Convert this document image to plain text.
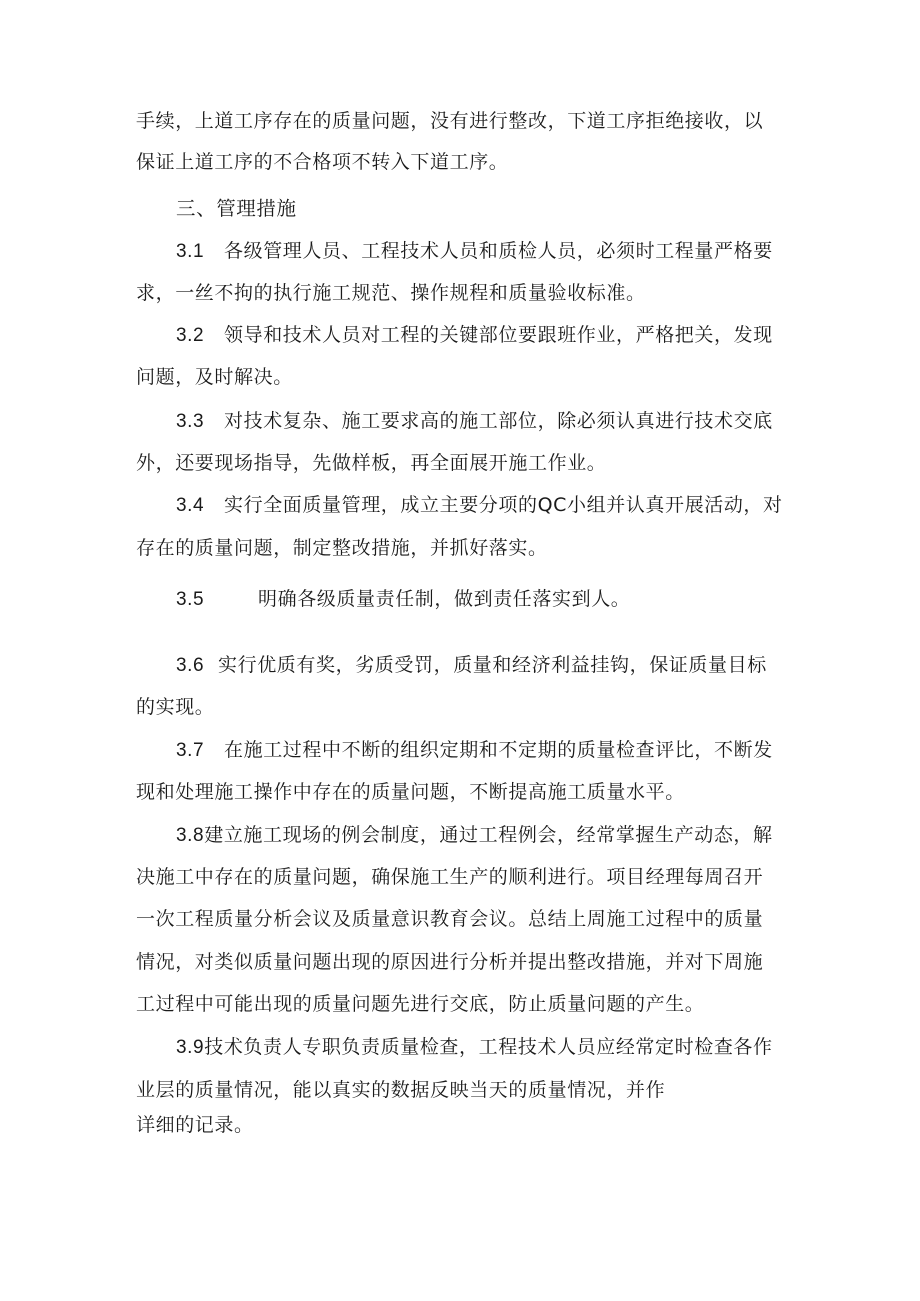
手续，上道工序存在的质量问题，没有进行整改，下道工序拒绝接收，以
保证上道工序的不合格项不转入下道工序。
三、管理措施
3.1 各级管理人员、工程技术人员和质检人员，必须时工程量严格要
求，一丝不拘的执行施工规范、操作规程和质量验收标准。
3.2 领导和技术人员对工程的关键部位要跟班作业，严格把关，发现
问题，及时解决。
3.3 对技术复杂、施工要求高的施工部位，除必须认真进行技术交底
外，还要现场指导，先做样板，再全面展开施工作业。
3.4 实行全面质量管理，成立主要分项的QC小组并认真开展活动，对
存在的质量问题，制定整改措施，并抓好落实。
3.5	明确各级质量责任制，做到责任落实到人。
3.6 实行优质有奖，劣质受罚，质量和经济利益挂钩，保证质量目标
的实现。
3.7 在施工过程中不断的组织定期和不定期的质量检查评比，不断发
现和处理施工操作中存在的质量问题，不断提高施工质量水平。
3.8建立施工现场的例会制度，通过工程例会，经常掌握生产动态，解
决施工中存在的质量问题，确保施工生产的顺利进行。项目经理每周召开
一次工程质量分析会议及质量意识教育会议。总结上周施工过程中的质量
情况，对类似质量问题出现的原因进行分析并提出整改措施，并对下周施
工过程中可能出现的质量问题先进行交底，防止质量问题的产生。
3.9技术负责人专职负责质量检查，工程技术人员应经常定时检查各作
业层的质量情况，能以真实的数据反映当天的质量情况，并作
详细的记录。
